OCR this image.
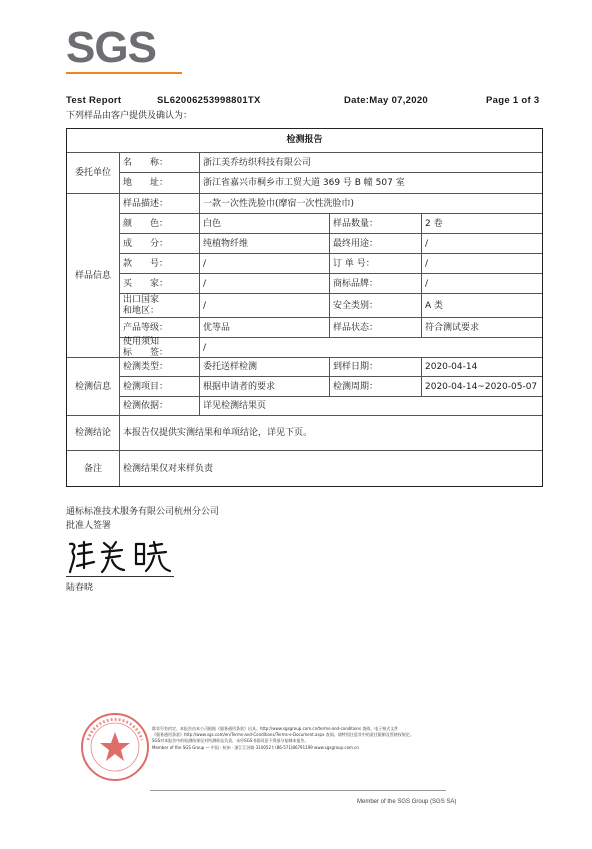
SGS
Test Report	SL62006253998801TX	Date:May 07,2020	Page 1 of 3
下列样品由客户提供及确认为：
检测报告
委托单位
名　　称：	浙江美乔纺织科技有限公司
地　　址：	浙江省嘉兴市桐乡市工贸大道 369 号 B 幢 507 室
样品信息
样品描述：	一款一次性洗脸巾(摩宿一次性洗脸巾)
颜　　色：	白色	样品数量：	2 卷
成　　分：	纯植物纤维	最终用途：	/
款　　号：	/	订 单 号：	/
买　　家：	/	商标品牌：	/
出口国家
和地区：
/	安全类别：	A 类
产品等级：	优等品	样品状态：	符合测试要求
使用须知
标　　签：
/
检测信息
检测类型：	委托送样检测	到样日期：	2020-04-14
检测项目：	根据申请者的要求	检测周期：	2020-04-14~2020-05-07
检测依据：	详见检测结果页
检测结论	本报告仅提供实测结果和单项结论，详见下页。
备注	检测结果仅对来样负责
通标标准技术服务有限公司杭州分公司
批准人签署
陆春晓
除非另有约定，本报告由本公司根据《服务通用条款》出具。http://www.sgsgroup.com.cn/terms-and-conditions 查阅。电子格式文件
《服务通用条款》http://www.sgs.com/en/Terms-and-Conditions/Terms-e-Document.aspx 查阅。请特别注意其中的责任限制及管辖权规定。
SGS对本报告中的检测结果仅对所测样品负责，未经SGS书面同意不得部分复制本报告。
Member of the SGS Group — 中国 · 杭州 · 浙江江苏路 310052 t (86-571)86791199 www.sgsgroup.com.cn
Member of the SGS Group (SGS SA)
